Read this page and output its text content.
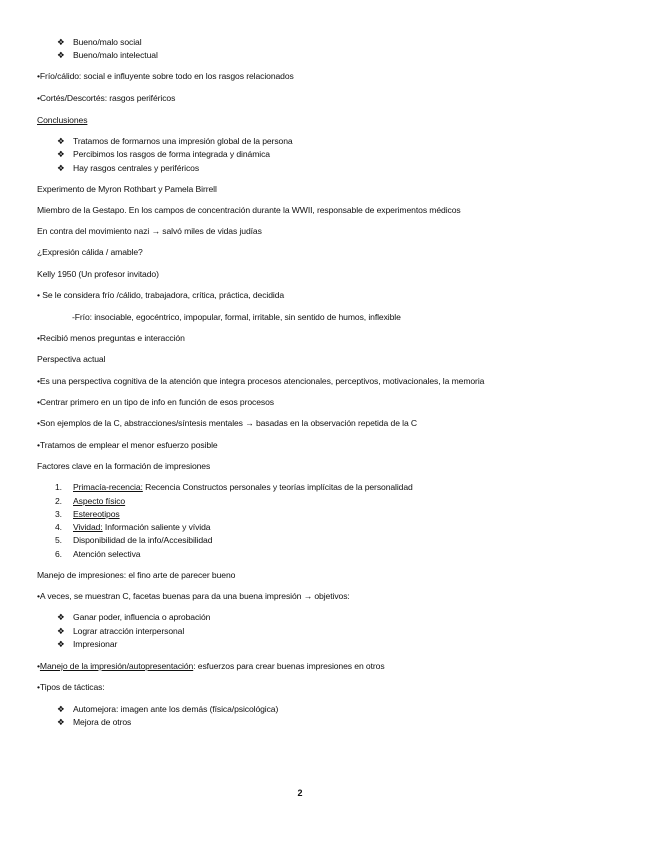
❖ Bueno/malo social
❖ Bueno/malo intelectual
•Frío/cálido: social e influyente sobre todo en los rasgos relacionados
•Cortés/Descortés: rasgos periféricos
Conclusiones
❖ Tratamos de formarnos una impresión global de la persona
❖ Percibimos los rasgos de forma integrada y dinámica
❖ Hay rasgos centrales y periféricos
Experimento de Myron Rothbart y Pamela Birrell
Miembro de la Gestapo. En los campos de concentración durante la WWII, responsable de experimentos médicos
En contra del movimiento nazi → salvó miles de vidas judías
¿Expresión cálida / amable?
Kelly 1950 (Un profesor invitado)
• Se le considera frío /cálido, trabajadora, crítica, práctica, decidida
-Frío: insociable, egocéntrico, impopular, formal, irritable, sin sentido de humos, inflexible
•Recibió menos preguntas e interacción
Perspectiva actual
•Es una perspectiva cognitiva de la atención que integra procesos atencionales, perceptivos, motivacionales, la memoria
•Centrar primero en un tipo de info en función de esos procesos
•Son ejemplos de la C, abstracciones/síntesis mentales → basadas en la observación repetida de la C
•Tratamos de emplear el menor esfuerzo posible
Factores clave en la formación de impresiones
1. Primacía-recencia: Recencia Constructos personales y teorías implícitas de la personalidad
2. Aspecto físico
3. Estereotipos
4. Vividad: Información saliente y vívida
5. Disponibilidad de la info/Accesibilidad
6. Atención selectiva
Manejo de impresiones: el fino arte de parecer bueno
•A veces, se muestran C, facetas buenas para da una buena impresión → objetivos:
❖ Ganar poder, influencia o aprobación
❖ Lograr atracción interpersonal
❖ Impresionar
•Manejo de la impresión/autopresentación: esfuerzos para crear buenas impresiones en otros
•Tipos de tácticas:
❖ Automejora: imagen ante los demás (física/psicológica)
❖ Mejora de otros
2
